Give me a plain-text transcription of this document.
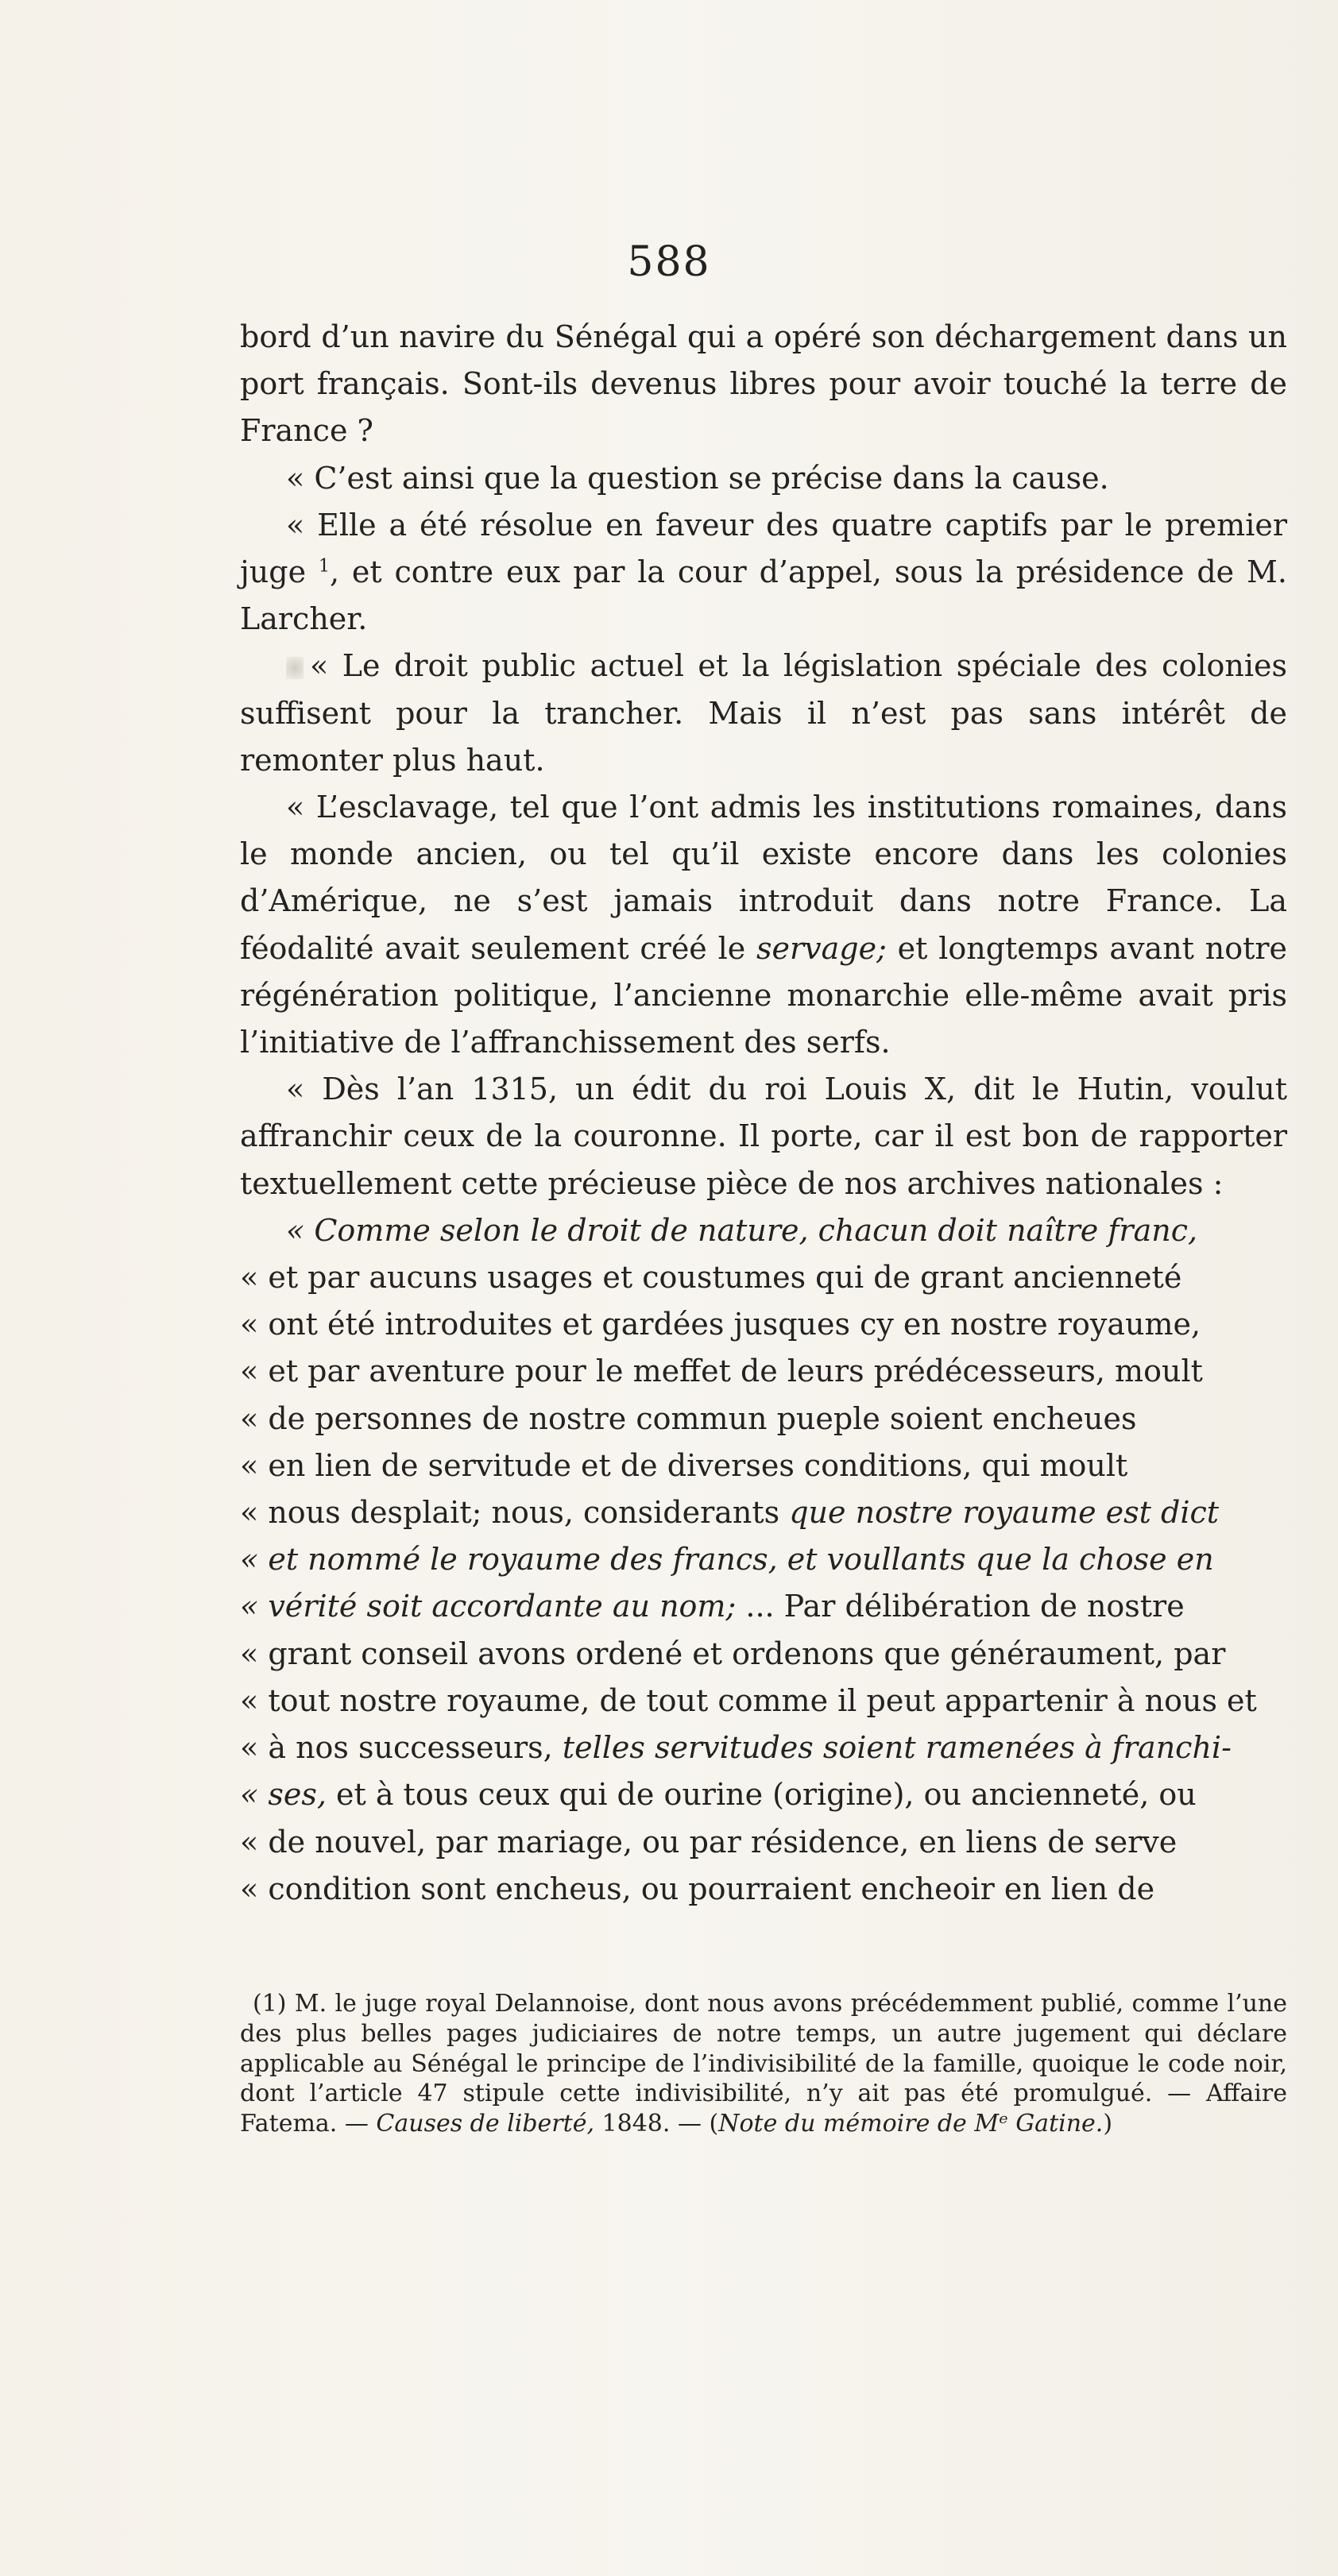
588

bord d’un navire du Sénégal qui a opéré son déchargement dans un port français. Sont-ils devenus libres pour avoir touché la terre de France ?

« C’est ainsi que la question se précise dans la cause.

« Elle a été résolue en faveur des quatre captifs par le premier juge $^1$, et contre eux par la cour d’appel, sous la présidence de M. Larcher.

« Le droit public actuel et la législation spéciale des colonies suffisent pour la trancher. Mais il n’est pas sans intérêt de remonter plus haut.

« L’esclavage, tel que l’ont admis les institutions romaines, dans le monde ancien, ou tel qu’il existe encore dans les colonies d’Amérique, ne s’est jamais introduit dans notre France. La féodalité avait seulement créé le servage; et longtemps avant notre régénération politique, l’ancienne monarchie elle-même avait pris l’initiative de l’affranchissement des serfs.

« Dès l’an 1315, un édit du roi Louis X, dit le Hutin, voulut affranchir ceux de la couronne. Il porte, car il est bon de rapporter textuellement cette précieuse pièce de nos archives nationales :

« Comme selon le droit de nature, chacun doit naître franc,

« et par aucuns usages et coustumes qui de grant ancienneté

« ont été introduites et gardées jusques cy en nostre royaume,

« et par aventure pour le meffet de leurs prédécesseurs, moult

« de personnes de nostre commun pueple soient encheues

« en lien de servitude et de diverses conditions, qui moult

« nous desplait; nous, considerants que nostre royaume est dict

« et nommé le royaume des francs, et voullants que la chose en

« vérité soit accordante au nom; ... Par délibération de nostre

« grant conseil avons ordené et ordenons que généraument, par

« tout nostre royaume, de tout comme il peut appartenir à nous et

« à nos successeurs, telles servitudes soient ramenées à franchi-

« ses, et à tous ceux qui de ourine (origine), ou ancienneté, ou

« de nouvel, par mariage, ou par résidence, en liens de serve

« condition sont encheus, ou pourraient encheoir en lien de

(1) M. le juge royal Delannoise, dont nous avons précédemment publié, comme l’une des plus belles pages judiciaires de notre temps, un autre jugement qui déclare applicable au Sénégal le principe de l’indivisibilité de la famille, quoique le code noir, dont l’article 47 stipule cette indivisibilité, n’y ait pas été promulgué. — Affaire Fatema. — Causes de liberté, 1848. — (Note du mémoire de Mᵉ Gatine.)
